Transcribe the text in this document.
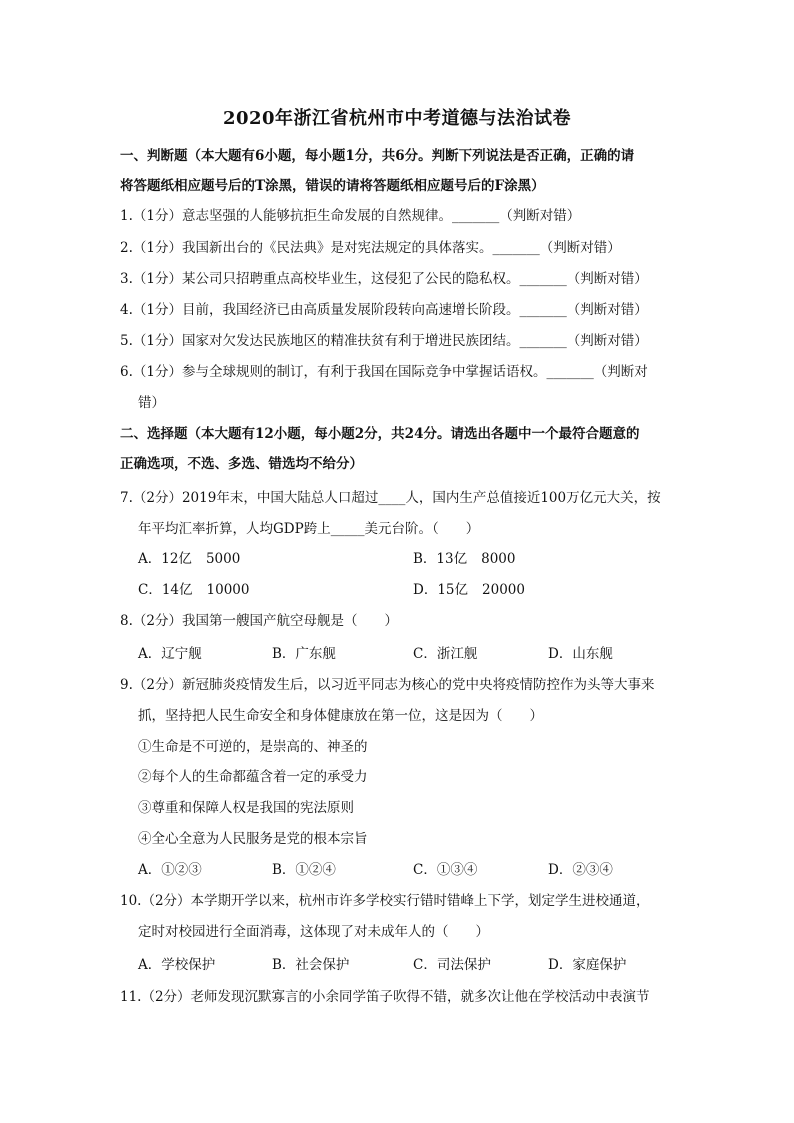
2020年浙江省杭州市中考道德与法治试卷
一、判断题（本大题有6小题，每小题1分，共6分。判断下列说法是否正确，正确的请
将答题纸相应题号后的T涂黑，错误的请将答题纸相应题号后的F涂黑）
1.（1分）意志坚强的人能够抗拒生命发展的自然规律。_______（判断对错）
2.（1分）我国新出台的《民法典》是对宪法规定的具体落实。_______（判断对错）
3.（1分）某公司只招聘重点高校毕业生，这侵犯了公民的隐私权。_______（判断对错）
4.（1分）目前，我国经济已由高质量发展阶段转向高速增长阶段。_______（判断对错）
5.（1分）国家对欠发达民族地区的精准扶贫有利于增进民族团结。_______（判断对错）
6.（1分）参与全球规则的制订，有利于我国在国际竞争中掌握话语权。_______（判断对
错）
二、选择题（本大题有12小题，每小题2分，共24分。请选出各题中一个最符合题意的
正确选项，不选、多选、错选均不给分）
7.（2分）2019年末，中国大陆总人口超过____人，国内生产总值接近100万亿元大关，按
年平均汇率折算，人均GDP跨上_____美元台阶。（　　）
A．12亿 5000	B．13亿 8000
C．14亿 10000	D．15亿 20000
8.（2分）我国第一艘国产航空母舰是（　　）
A．辽宁舰	B．广东舰	C．浙江舰	D．山东舰
9.（2分）新冠肺炎疫情发生后，以习近平同志为核心的党中央将疫情防控作为头等大事来
抓，坚持把人民生命安全和身体健康放在第一位，这是因为（　　）
①生命是不可逆的，是崇高的、神圣的
②每个人的生命都蕴含着一定的承受力
③尊重和保障人权是我国的宪法原则
④全心全意为人民服务是党的根本宗旨
A．①②③	B．①②④	C．①③④	D．②③④
10.（2分）本学期开学以来，杭州市许多学校实行错时错峰上下学，划定学生进校通道，
定时对校园进行全面消毒，这体现了对未成年人的（　　）
A．学校保护	B．社会保护	C．司法保护	D．家庭保护
11.（2分）老师发现沉默寡言的小余同学笛子吹得不错，就多次让他在学校活动中表演节
